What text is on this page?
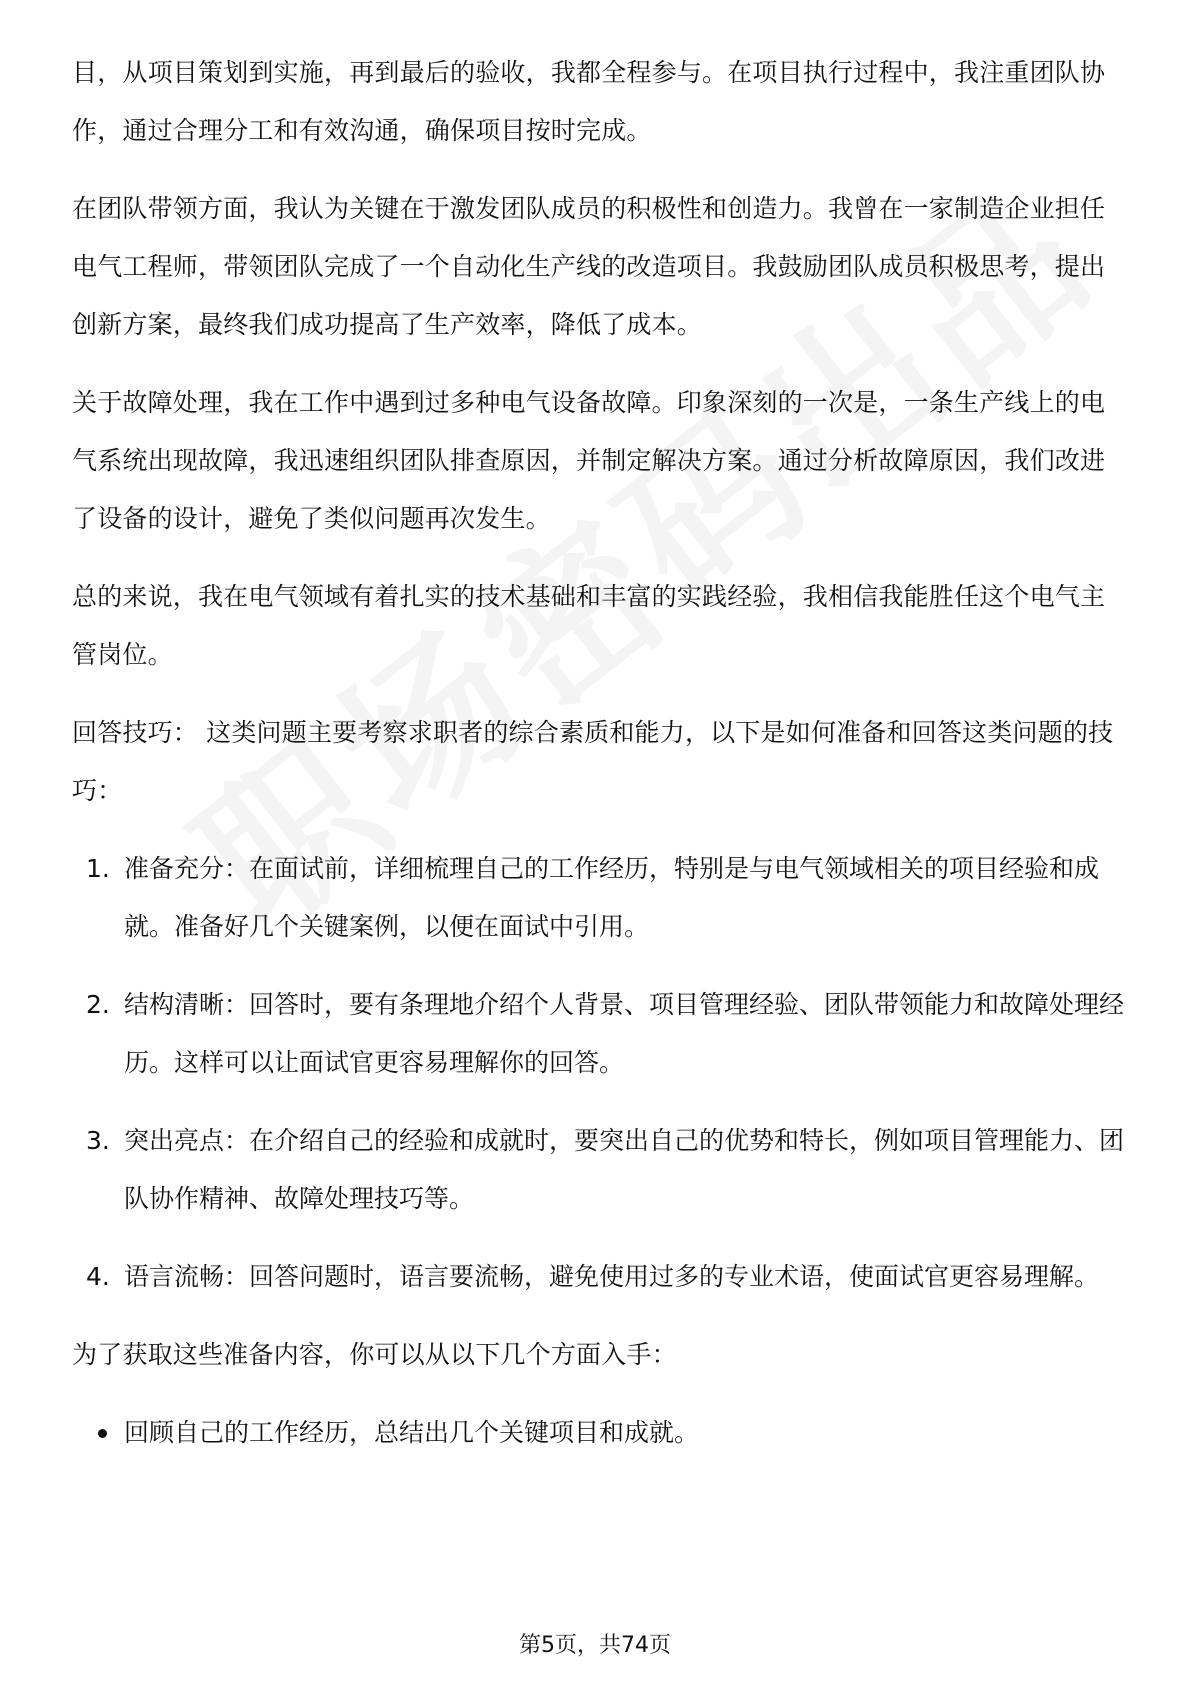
目，从项目策划到实施，再到最后的验收，我都全程参与。在项目执行过程中，我注重团队协作，通过合理分工和有效沟通，确保项目按时完成。

在团队带领方面，我认为关键在于激发团队成员的积极性和创造力。我曾在一家制造企业担任电气工程师，带领团队完成了一个自动化生产线的改造项目。我鼓励团队成员积极思考，提出创新方案，最终我们成功提高了生产效率，降低了成本。

关于故障处理，我在工作中遇到过多种电气设备故障。印象深刻的一次是，一条生产线上的电气系统出现故障，我迅速组织团队排查原因，并制定解决方案。通过分析故障原因，我们改进了设备的设计，避免了类似问题再次发生。

总的来说，我在电气领域有着扎实的技术基础和丰富的实践经验，我相信我能胜任这个电气主管岗位。

回答技巧： 这类问题主要考察求职者的综合素质和能力，以下是如何准备和回答这类问题的技巧：

1. 准备充分：在面试前，详细梳理自己的工作经历，特别是与电气领域相关的项目经验和成就。准备好几个关键案例，以便在面试中引用。
2. 结构清晰：回答时，要有条理地介绍个人背景、项目管理经验、团队带领能力和故障处理经历。这样可以让面试官更容易理解你的回答。
3. 突出亮点：在介绍自己的经验和成就时，要突出自己的优势和特长，例如项目管理能力、团队协作精神、故障处理技巧等。
4. 语言流畅：回答问题时，语言要流畅，避免使用过多的专业术语，使面试官更容易理解。

为了获取这些准备内容，你可以从以下几个方面入手：

回顾自己的工作经历，总结出几个关键项目和成就。
第5页，共74页
